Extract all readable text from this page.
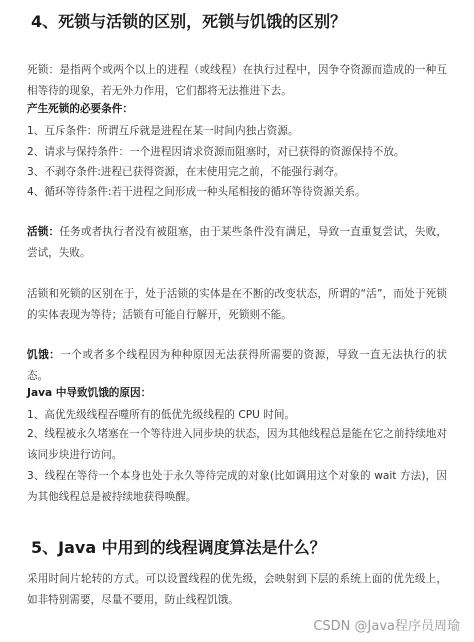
4、死锁与活锁的区别，死锁与饥饿的区别？

死锁：是指两个或两个以上的进程（或线程）在执行过程中，因争夺资源而造成的一种互相等待的现象，若无外力作用，它们都将无法推进下去。

产生死锁的必要条件：

1、互斥条件：所谓互斥就是进程在某一时间内独占资源。

2、请求与保持条件：一个进程因请求资源而阻塞时，对已获得的资源保持不放。

3、不剥夺条件:进程已获得资源，在末使用完之前，不能强行剥夺。

4、循环等待条件:若干进程之间形成一种头尾相接的循环等待资源关系。

活锁：任务或者执行者没有被阻塞，由于某些条件没有满足，导致一直重复尝试，失败，尝试，失败。

活锁和死锁的区别在于，处于活锁的实体是在不断的改变状态，所谓的“活”，而处于死锁的实体表现为等待；活锁有可能自行解开，死锁则不能。

饥饿：一个或者多个线程因为种种原因无法获得所需要的资源，导致一直无法执行的状态。

Java 中导致饥饿的原因：

1、高优先级线程吞噬所有的低优先级线程的 CPU 时间。

2、线程被永久堵塞在一个等待进入同步块的状态，因为其他线程总是能在它之前持续地对该同步块进行访问。

3、线程在等待一个本身也处于永久等待完成的对象(比如调用这个对象的 wait 方法)，因为其他线程总是被持续地获得唤醒。

5、Java 中用到的线程调度算法是什么？

采用时间片轮转的方式。可以设置线程的优先级，会映射到下层的系统上面的优先级上，如非特别需要，尽量不要用，防止线程饥饿。

CSDN @Java程序员周瑜
